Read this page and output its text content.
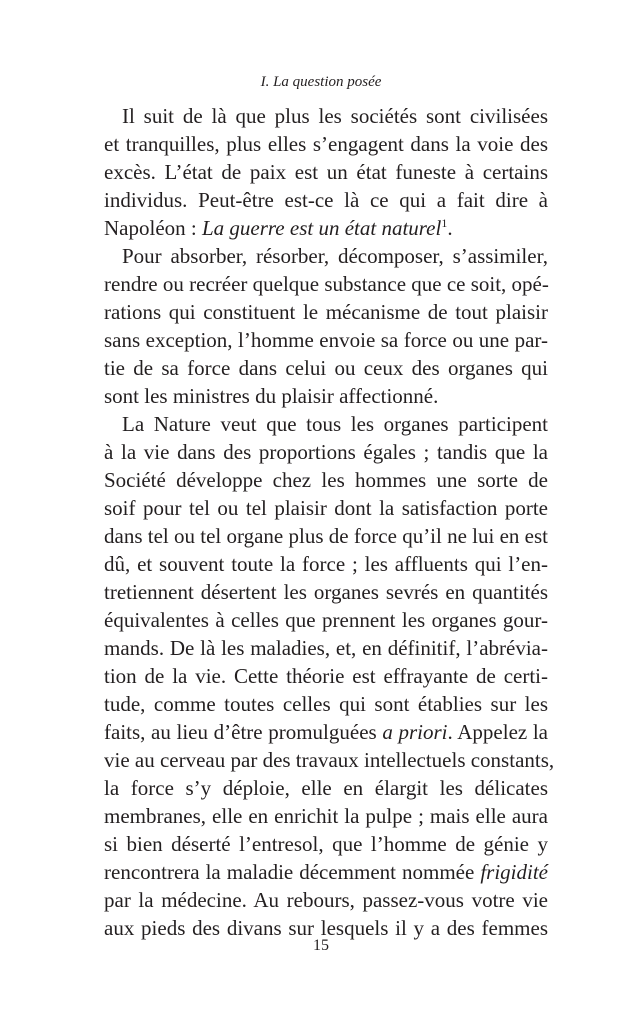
I. La question posée
Il suit de là que plus les sociétés sont civilisées
et tranquilles, plus elles s’engagent dans la voie des
excès. L’état de paix est un état funeste à certains
individus. Peut-être est-ce là ce qui a fait dire à
Napoléon : La guerre est un état naturel$^1$.
Pour absorber, résorber, décomposer, s’assimiler,
rendre ou recréer quelque substance que ce soit, opé-
rations qui constituent le mécanisme de tout plaisir
sans exception, l’homme envoie sa force ou une par-
tie de sa force dans celui ou ceux des organes qui
sont les ministres du plaisir affectionné.
La Nature veut que tous les organes participent
à la vie dans des proportions égales ; tandis que la
Société développe chez les hommes une sorte de
soif pour tel ou tel plaisir dont la satisfaction porte
dans tel ou tel organe plus de force qu’il ne lui en est
dû, et souvent toute la force ; les affluents qui l’en-
tretiennent désertent les organes sevrés en quantités
équivalentes à celles que prennent les organes gour-
mands. De là les maladies, et, en définitif, l’abrévia-
tion de la vie. Cette théorie est effrayante de certi-
tude, comme toutes celles qui sont établies sur les
faits, au lieu d’être promulguées a priori. Appelez la
vie au cerveau par des travaux intellectuels constants,
la force s’y déploie, elle en élargit les délicates
membranes, elle en enrichit la pulpe ; mais elle aura
si bien déserté l’entresol, que l’homme de génie y
rencontrera la maladie décemment nommée frigidité
par la médecine. Au rebours, passez-vous votre vie
aux pieds des divans sur lesquels il y a des femmes
15
